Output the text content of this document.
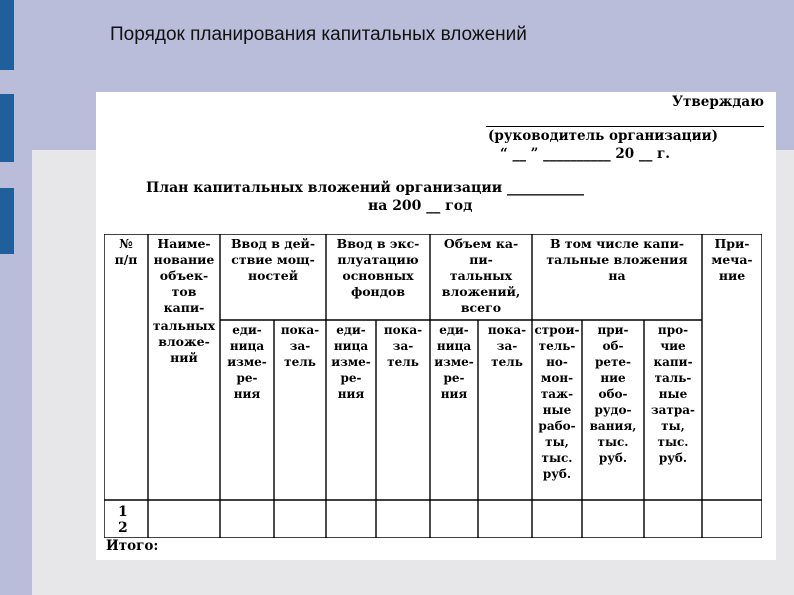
Порядок планирования капитальных вложений
Утверждаю
(руководитель организации)
“ __ ” __________ 20 __ г.
План капитальных вложений организации ___________
на 200 __ год
№
п/п
Наиме-
нование
объек-
тов
капи-
тальных
вложе-
ний
Ввод в дей-
ствие мощ-
ностей
Ввод в экс-
плуатацию
основных
фондов
Объем ка-
пи-
тальных
вложений,
всего
В том числе капи-
тальные вложения
на
При-
меча-
ние
еди-
ница
изме-
ре-
ния
еди-
ница
изме-
ре-
ния
еди-
ница
изме-
ре-
ния
пока-
за-
тель
пока-
за-
тель
пока-
за-
тель
строи-
тель-
но-
мон-
таж-
ные
рабо-
ты,
тыс.
руб.
при-
об-
рете-
ние
обо-
рудо-
вания,
тыс.
руб.
про-
чие
капи-
таль-
ные
затра-
ты,
тыс.
руб.
1
2
Итого:
